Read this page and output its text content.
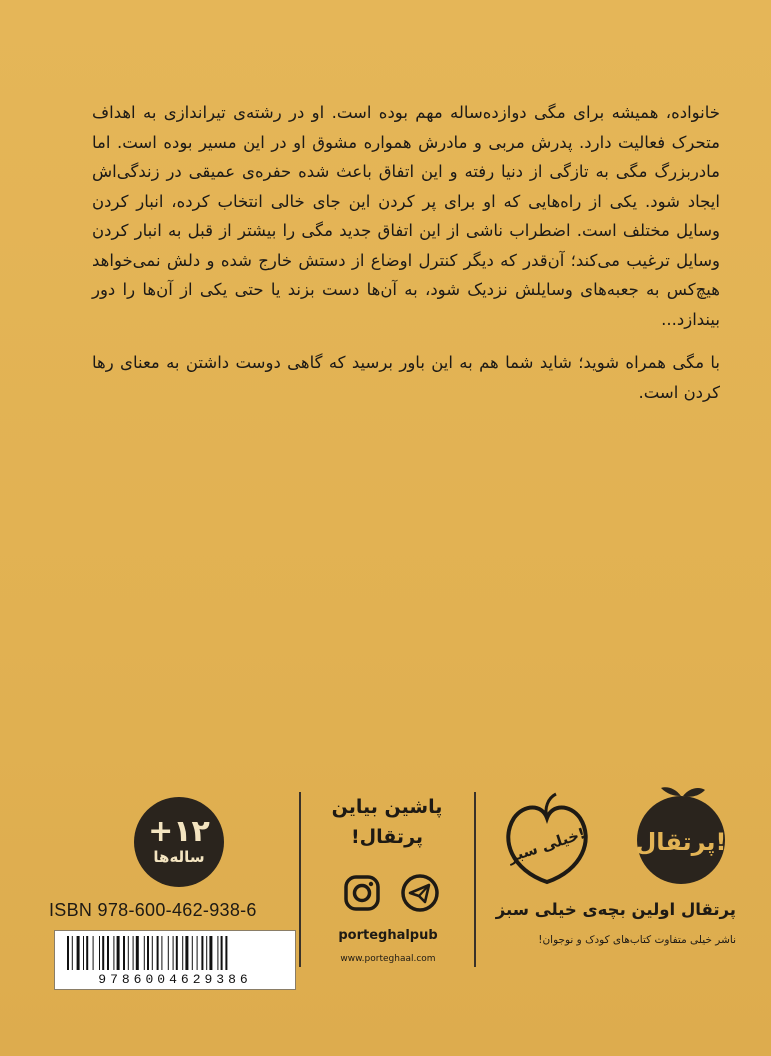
خانواده، همیشه برای مگی دوازده‌ساله مهم بوده است. او در رشته‌ی تیراندازی به اهداف متحرک فعالیت دارد. پدرش مربی و مادرش همواره مشوق او در این مسیر بوده است. اما مادربزرگ مگی به تازگی از دنیا رفته و این اتفاق باعث شده حفره‌ی عمیقی در زندگی‌اش ایجاد شود. یکی از راه‌هایی که او برای پر کردن این جای خالی انتخاب کرده، انبار کردن وسایل مختلف است. اضطراب ناشی از این اتفاق جدید مگی را بیشتر از قبل به انبار کردن وسایل ترغیب می‌کند؛ آن‌قدر که دیگر کنترل اوضاع از دستش خارج شده و دلش نمی‌خواهد هیچ‌کس به جعبه‌های وسایلش نزدیک شود، به آن‌ها دست بزند یا حتی یکی از آن‌ها را دور بیندازد...

با مگی همراه شوید؛ شاید شما هم به این باور برسید که گاهی دوست داشتن به معنای رها کردن است.

+۱۲
ساله‌ها
ISBN 978-600-462-938-6
9786004629386
پاشین بیاین
پرتقال!
porteghalpub
www.porteghaal.com
خیلی سبز! پرتقال!
پرتقال اولین بچه‌ی خیلی سبز
ناشر خیلی متفاوت کتاب‌های کودک و نوجوان!
